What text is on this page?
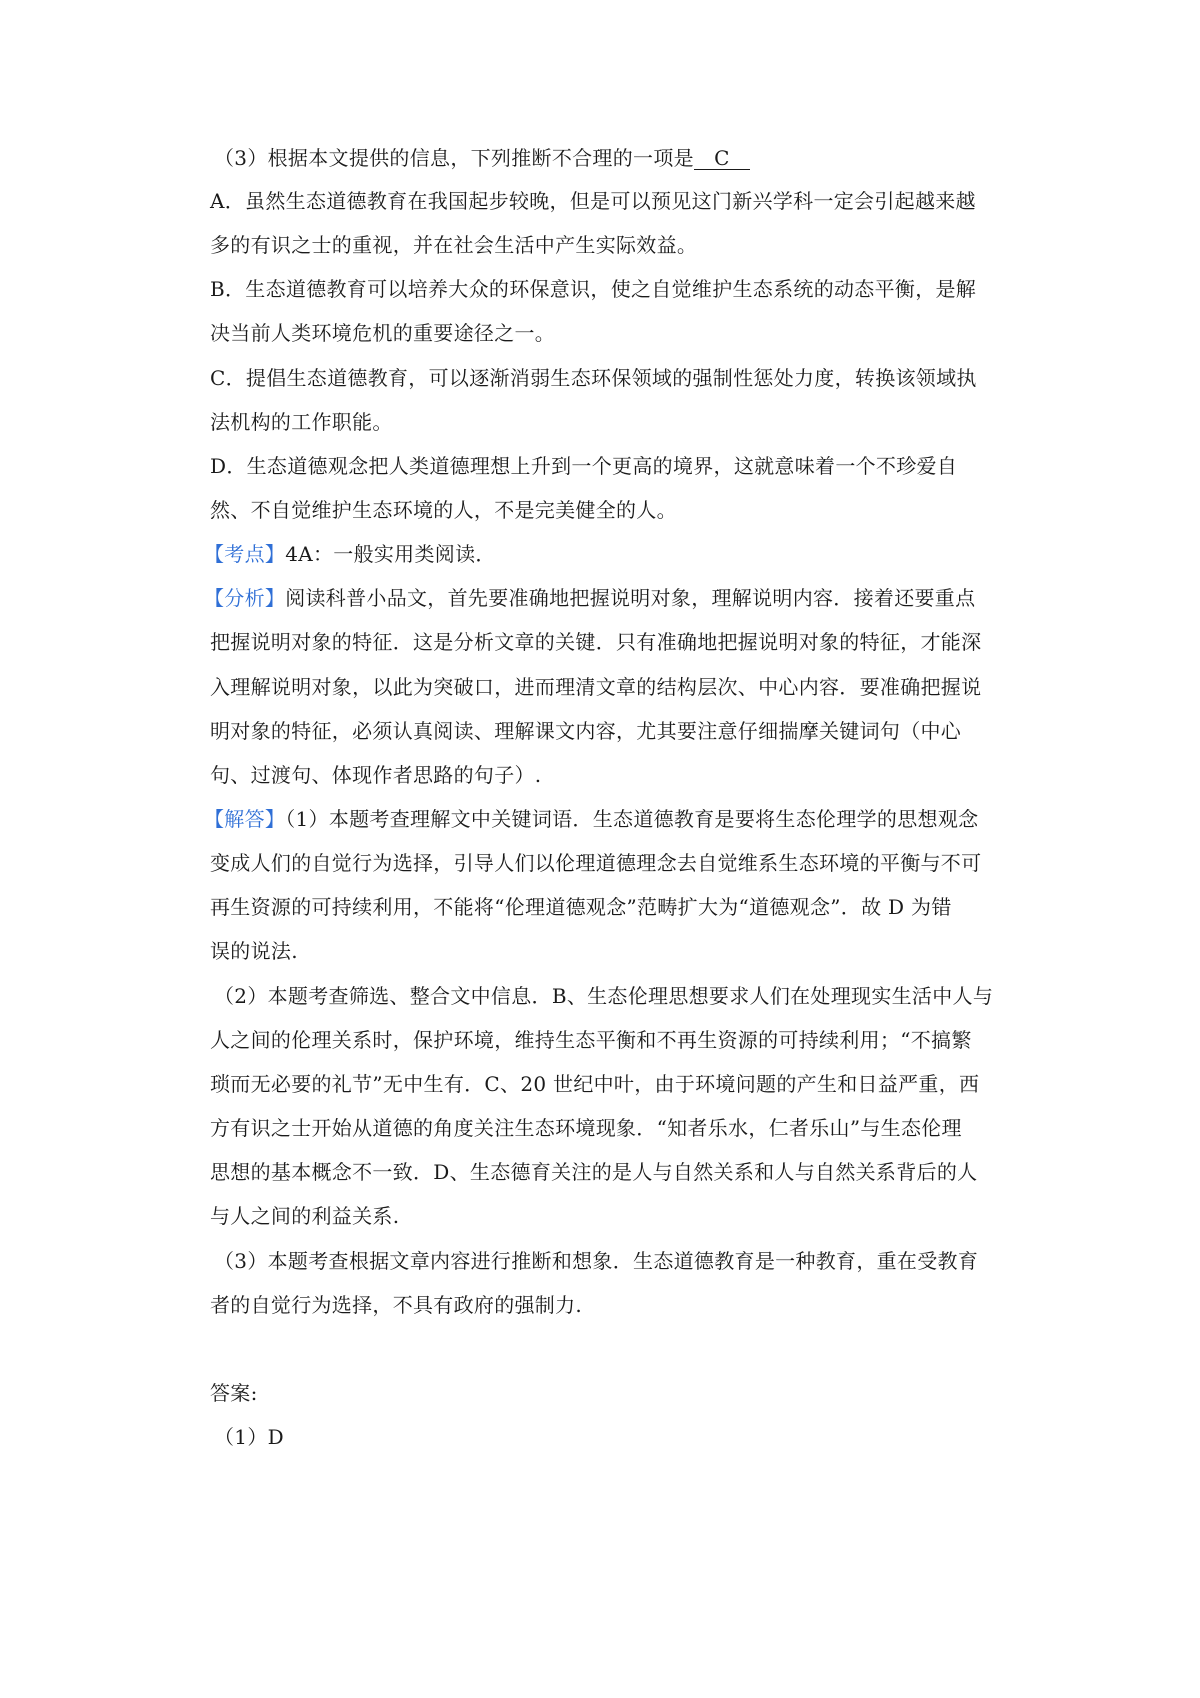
（3）根据本文提供的信息，下列推断不合理的一项是 C
A．虽然生态道德教育在我国起步较晚，但是可以预见这门新兴学科一定会引起越来越
多的有识之士的重视，并在社会生活中产生实际效益。
B．生态道德教育可以培养大众的环保意识，使之自觉维护生态系统的动态平衡，是解
决当前人类环境危机的重要途径之一。
C．提倡生态道德教育，可以逐渐消弱生态环保领域的强制性惩处力度，转换该领域执
法机构的工作职能。
D．生态道德观念把人类道德理想上升到一个更高的境界，这就意味着一个不珍爱自
然、不自觉维护生态环境的人，不是完美健全的人。
【考点】4A：一般实用类阅读．
【分析】阅读科普小品文，首先要准确地把握说明对象，理解说明内容．接着还要重点
把握说明对象的特征．这是分析文章的关键．只有准确地把握说明对象的特征，才能深
入理解说明对象，以此为突破口，进而理清文章的结构层次、中心内容．要准确把握说
明对象的特征，必须认真阅读、理解课文内容，尤其要注意仔细揣摩关键词句（中心
句、过渡句、体现作者思路的句子）.
【解答】（1）本题考查理解文中关键词语．生态道德教育是要将生态伦理学的思想观念
变成人们的自觉行为选择，引导人们以伦理道德理念去自觉维系生态环境的平衡与不可
再生资源的可持续利用，不能将“伦理道德观念”范畴扩大为“道德观念”．故 D 为错
误的说法.
（2）本题考查筛选、整合文中信息．B、生态伦理思想要求人们在处理现实生活中人与
人之间的伦理关系时，保护环境，维持生态平衡和不再生资源的可持续利用；“不搞繁
琐而无必要的礼节”无中生有．C、20 世纪中叶，由于环境问题的产生和日益严重，西
方有识之士开始从道德的角度关注生态环境现象．“知者乐水，仁者乐山”与生态伦理
思想的基本概念不一致．D、生态德育关注的是人与自然关系和人与自然关系背后的人
与人之间的利益关系.
（3）本题考查根据文章内容进行推断和想象．生态道德教育是一种教育，重在受教育
者的自觉行为选择，不具有政府的强制力.
答案:
（1）D
